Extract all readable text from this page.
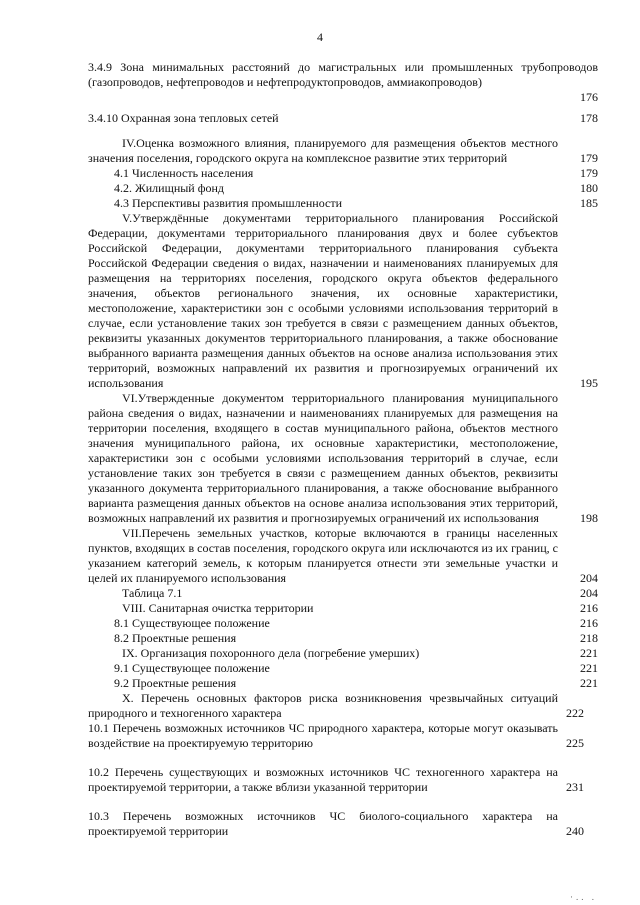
4
3.4.9 Зона минимальных расстояний до магистральных или промышленных трубопроводов (газопроводов, нефтепроводов и нефтепродуктопроводов, аммиакопроводов)
176
3.4.10 Охранная зона тепловых сетей	178
IV.Оценка возможного влияния, планируемого для размещения объектов местного значения поселения, городского округа на комплексное развитие этих территорий	179
4.1 Численность населения	179
4.2. Жилищный фонд	180
4.3 Перспективы развития промышленности	185
V.Утверждённые документами территориального планирования Российской Федерации, документами территориального планирования двух и более субъектов Российской Федерации, документами территориального планирования субъекта Российской Федерации сведения о видах, назначении и наименованиях планируемых для размещения на территориях поселения, городского округа объектов федерального значения, объектов регионального значения, их основные характеристики, местоположение, характеристики зон с особыми условиями использования территорий в случае, если установление таких зон требуется в связи с размещением данных объектов, реквизиты указанных документов территориального планирования, а также обоснование выбранного варианта размещения данных объектов на основе анализа использования этих территорий, возможных направлений их развития и прогнозируемых ограничений их использования	195
VI.Утвержденные документом территориального планирования муниципального района сведения о видах, назначении и наименованиях планируемых для размещения на территории поселения, входящего в состав муниципального района, объектов местного значения муниципального района, их основные характеристики, местоположение, характеристики зон с особыми условиями использования территорий в случае, если установление таких зон требуется в связи с размещением данных объектов, реквизиты указанного документа территориального планирования, а также обоснование выбранного варианта размещения данных объектов на основе анализа использования этих территорий, возможных направлений их развития и прогнозируемых ограничений их использования	198
VII.Перечень земельных участков, которые включаются в границы населенных пунктов, входящих в состав поселения, городского округа или исключаются из их границ, с указанием категорий земель, к которым планируется отнести эти земельные участки и целей их планируемого использования	204
Таблица 7.1	204
VIII. Санитарная очистка территории	216
8.1 Существующее положение	216
8.2 Проектные решения	218
IX. Организация похоронного дела (погребение умерших)	221
9.1 Существующее положение	221
9.2 Проектные решения	221
X. Перечень основных факторов риска возникновения чрезвычайных ситуаций природного и техногенного характера	222
10.1 Перечень возможных источников ЧС природного характера, которые могут оказывать воздействие на проектируемую территорию	225
10.2 Перечень существующих и возможных источников ЧС техногенного характера на проектируемой территории, а также вблизи указанной территории	231
10.3 Перечень возможных источников ЧС биолого-социального характера на проектируемой территории	240
·.. .
